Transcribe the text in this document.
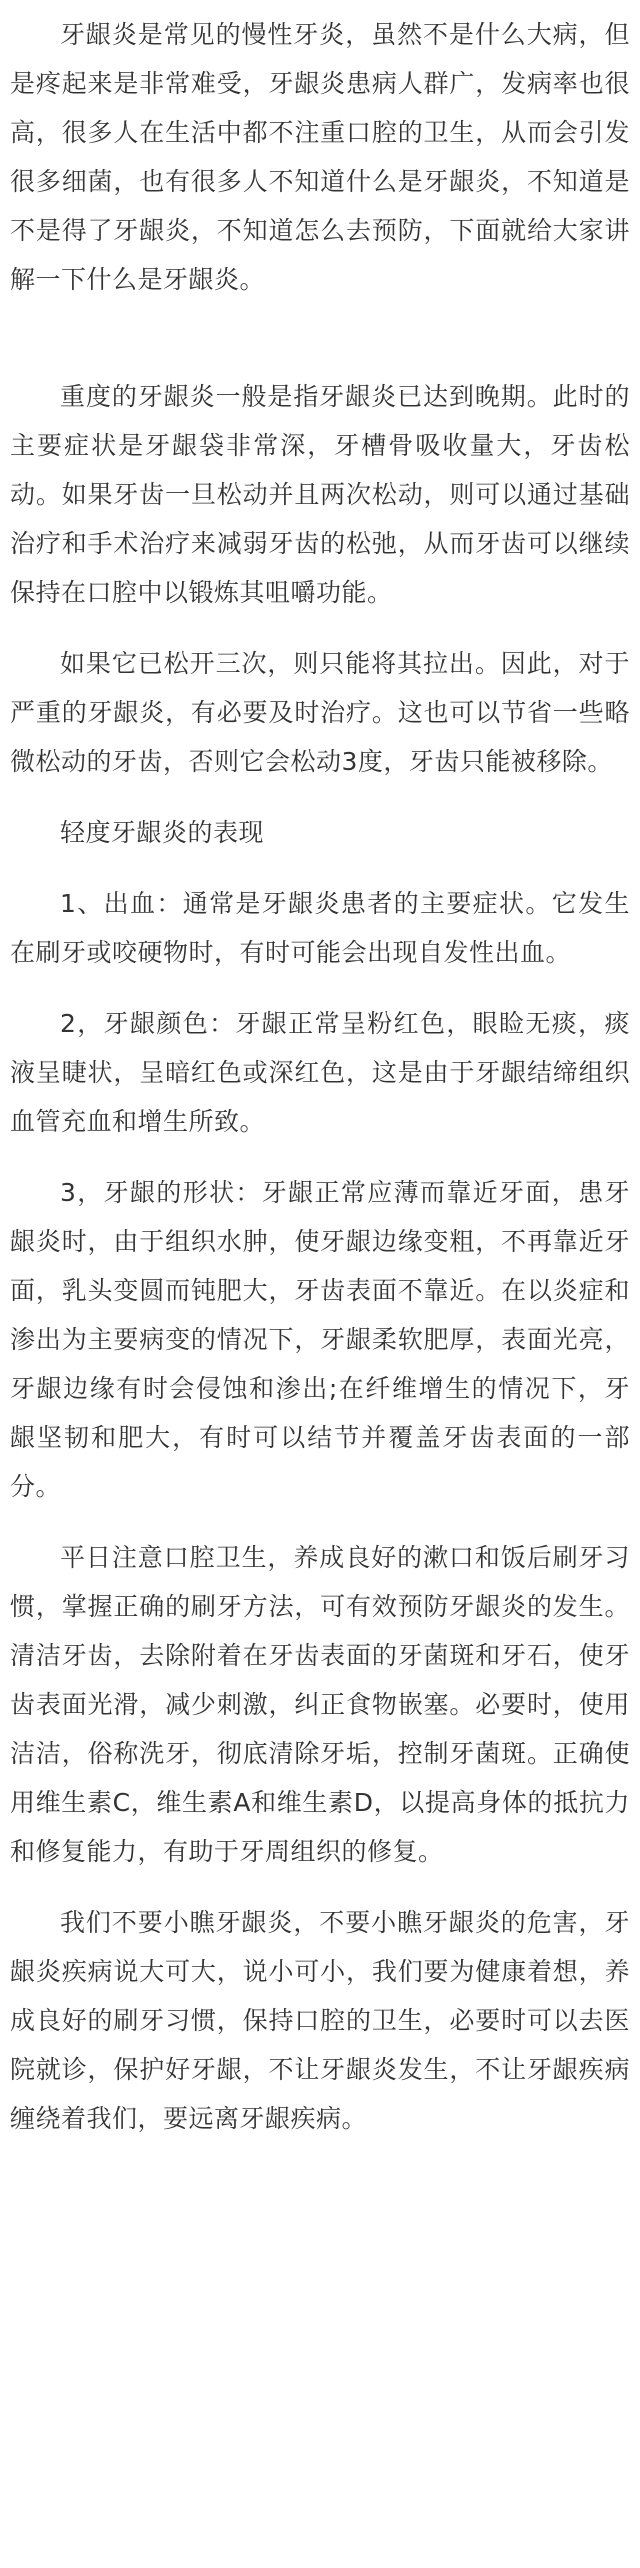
牙龈炎是常见的慢性牙炎，虽然不是什么大病，但是疼起来是非常难受，牙龈炎患病人群广，发病率也很高，很多人在生活中都不注重口腔的卫生，从而会引发很多细菌，也有很多人不知道什么是牙龈炎，不知道是不是得了牙龈炎，不知道怎么去预防，下面就给大家讲解一下什么是牙龈炎。

重度的牙龈炎一般是指牙龈炎已达到晚期。此时的主要症状是牙龈袋非常深，牙槽骨吸收量大，牙齿松动。如果牙齿一旦松动并且两次松动，则可以通过基础治疗和手术治疗来减弱牙齿的松弛，从而牙齿可以继续保持在口腔中以锻炼其咀嚼功能。

如果它已松开三次，则只能将其拉出。因此，对于严重的牙龈炎，有必要及时治疗。这也可以节省一些略微松动的牙齿，否则它会松动3度，牙齿只能被移除。

轻度牙龈炎的表现

1、出血：通常是牙龈炎患者的主要症状。它发生在刷牙或咬硬物时，有时可能会出现自发性出血。

2，牙龈颜色：牙龈正常呈粉红色，眼睑无痰，痰液呈睫状，呈暗红色或深红色，这是由于牙龈结缔组织血管充血和增生所致。

3，牙龈的形状：牙龈正常应薄而靠近牙面，患牙龈炎时，由于组织水肿，使牙龈边缘变粗，不再靠近牙面，乳头变圆而钝肥大，牙齿表面不靠近。在以炎症和渗出为主要病变的情况下，牙龈柔软肥厚，表面光亮，牙龈边缘有时会侵蚀和渗出;在纤维增生的情况下，牙龈坚韧和肥大，有时可以结节并覆盖牙齿表面的一部分。

平日注意口腔卫生，养成良好的漱口和饭后刷牙习惯，掌握正确的刷牙方法，可有效预防牙龈炎的发生。清洁牙齿，去除附着在牙齿表面的牙菌斑和牙石，使牙齿表面光滑，减少刺激，纠正食物嵌塞。必要时，使用洁洁，俗称洗牙，彻底清除牙垢，控制牙菌斑。正确使用维生素C，维生素A和维生素D，以提高身体的抵抗力和修复能力，有助于牙周组织的修复。

我们不要小瞧牙龈炎，不要小瞧牙龈炎的危害，牙龈炎疾病说大可大，说小可小，我们要为健康着想，养成良好的刷牙习惯，保持口腔的卫生，必要时可以去医院就诊，保护好牙龈，不让牙龈炎发生，不让牙龈疾病缠绕着我们，要远离牙龈疾病。
